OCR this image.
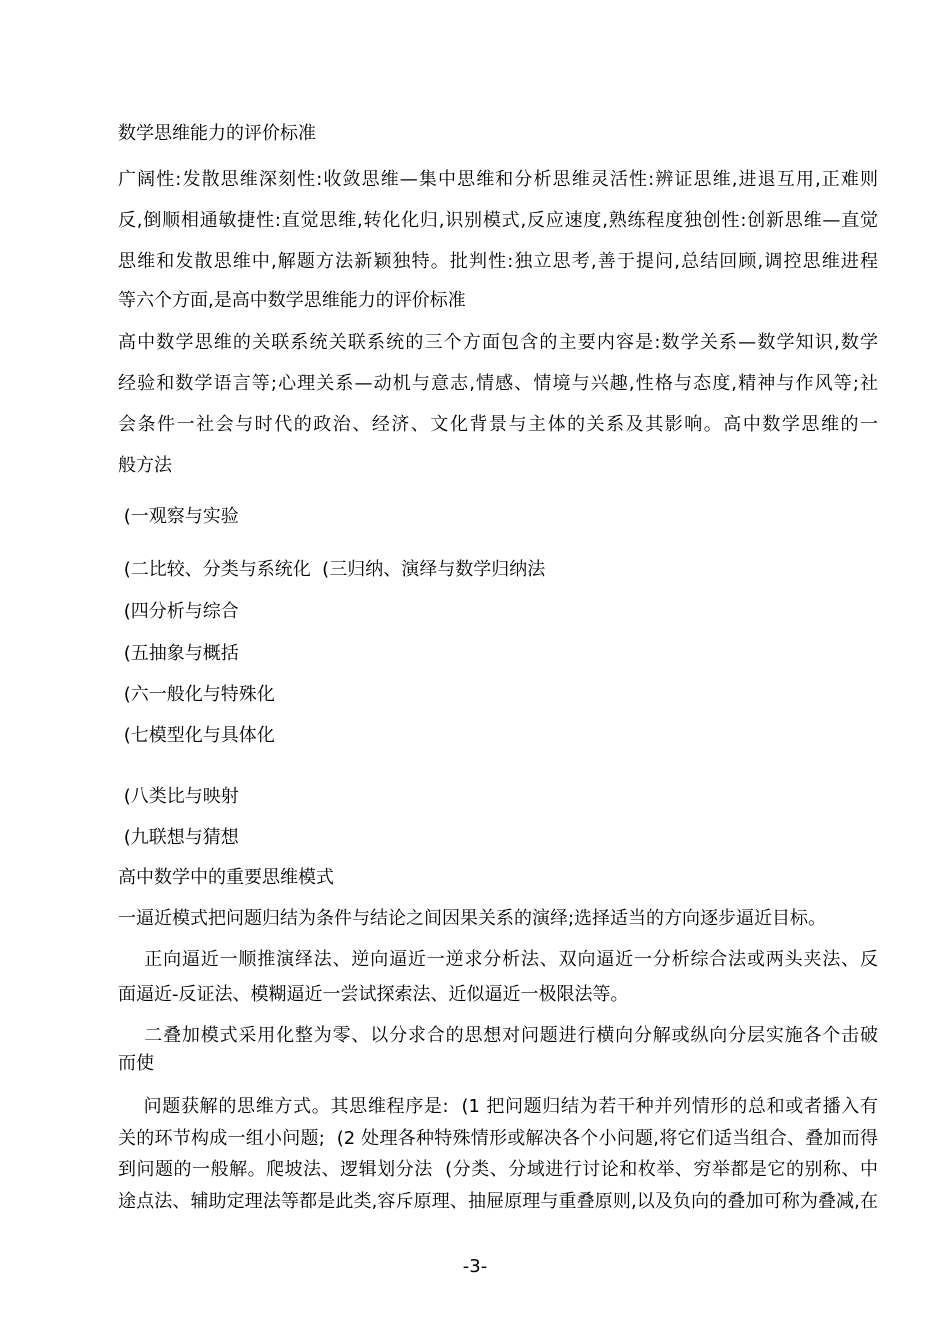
数学思维能力的评价标准
广阔性:发散思维深刻性:收敛思维—集中思维和分析思维灵活性:辨证思维,进退互用,正难则
反,倒顺相通敏捷性:直觉思维,转化化归,识别模式,反应速度,熟练程度独创性:创新思维—直觉
思维和发散思维中,解题方法新颖独特。批判性:独立思考,善于提问,总结回顾,调控思维进程
等六个方面,是高中数学思维能力的评价标准
高中数学思维的关联系统关联系统的三个方面包含的主要内容是:数学关系—数学知识,数学
经验和数学语言等;心理关系—动机与意志,情感、情境与兴趣,性格与态度,精神与作风等;社
会条件一社会与时代的政治、经济、文化背景与主体的关系及其影响。高中数学思维的一
般方法
(一观察与实验
(二比较、分类与系统化  (三归纳、演绎与数学归纳法
(四分析与综合
(五抽象与概括
(六一般化与特殊化
(七模型化与具体化
(八类比与映射
(九联想与猜想
高中数学中的重要思维模式
一逼近模式把问题归结为条件与结论之间因果关系的演绎;选择适当的方向逐步逼近目标。
正向逼近一顺推演绎法、逆向逼近一逆求分析法、双向逼近一分析综合法或两头夹法、反
面逼近-反证法、模糊逼近一尝试探索法、近似逼近一极限法等。
二叠加模式采用化整为零、以分求合的思想对问题进行横向分解或纵向分层实施各个击破
而使
问题获解的思维方式。其思维程序是:  (1 把问题归结为若干种并列情形的总和或者播入有
关的环节构成一组小问题;  (2 处理各种特殊情形或解决各个小问题,将它们适当组合、叠加而得
到问题的一般解。爬坡法、逻辑划分法  (分类、分域进行讨论和枚举、穷举都是它的别称、中
途点法、辅助定理法等都是此类,容斥原理、抽屉原理与重叠原则,以及负向的叠加可称为叠减,在
-3-
